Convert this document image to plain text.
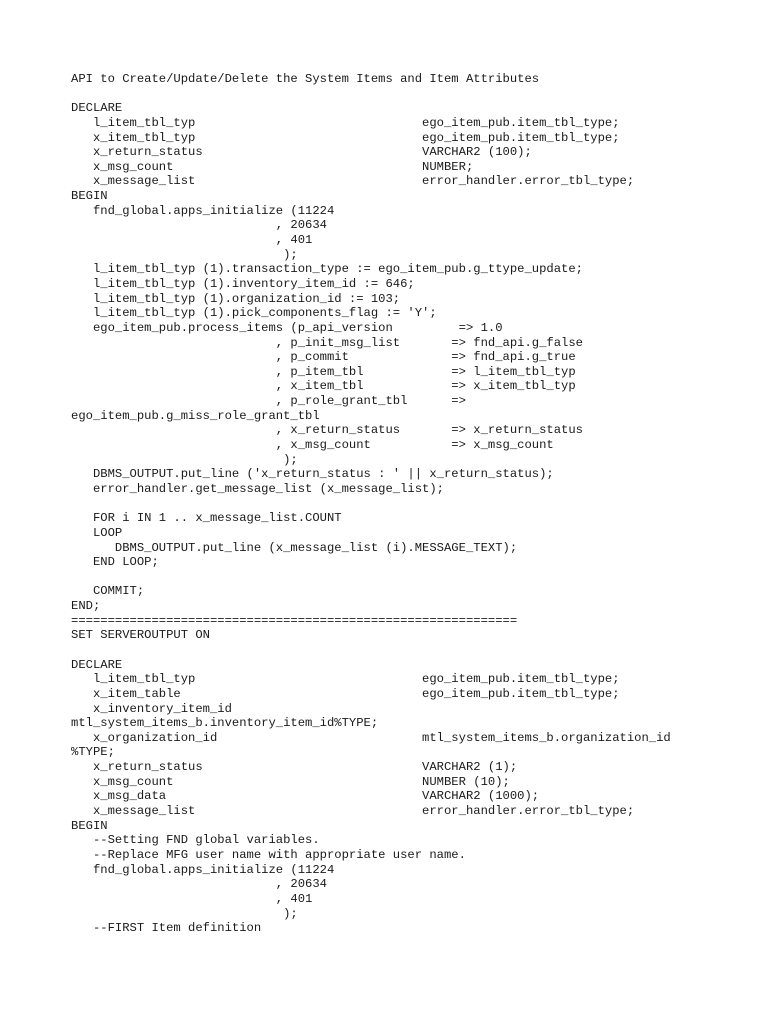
API to Create/Update/Delete the System Items and Item Attributes
DECLARE
l_item_tbl_typ                               ego_item_pub.item_tbl_type;
x_item_tbl_typ                               ego_item_pub.item_tbl_type;
x_return_status                              VARCHAR2 (100);
x_msg_count                                  NUMBER;
x_message_list                               error_handler.error_tbl_type;
BEGIN
fnd_global.apps_initialize (11224
, 20634
, 401
);
l_item_tbl_typ (1).transaction_type := ego_item_pub.g_ttype_update;
l_item_tbl_typ (1).inventory_item_id := 646;
l_item_tbl_typ (1).organization_id := 103;
l_item_tbl_typ (1).pick_components_flag := 'Y';
ego_item_pub.process_items (p_api_version         => 1.0
, p_init_msg_list       => fnd_api.g_false
, p_commit              => fnd_api.g_true
, p_item_tbl            => l_item_tbl_typ
, x_item_tbl            => x_item_tbl_typ
, p_role_grant_tbl      =>
ego_item_pub.g_miss_role_grant_tbl
, x_return_status       => x_return_status
, x_msg_count           => x_msg_count
);
DBMS_OUTPUT.put_line ('x_return_status : ' || x_return_status);
error_handler.get_message_list (x_message_list);
FOR i IN 1 .. x_message_list.COUNT
LOOP
DBMS_OUTPUT.put_line (x_message_list (i).MESSAGE_TEXT);
END LOOP;
COMMIT;
END;
=============================================================
SET SERVEROUTPUT ON
DECLARE
l_item_tbl_typ                               ego_item_pub.item_tbl_type;
x_item_table                                 ego_item_pub.item_tbl_type;
x_inventory_item_id
mtl_system_items_b.inventory_item_id%TYPE;
x_organization_id                            mtl_system_items_b.organization_id
%TYPE;
x_return_status                              VARCHAR2 (1);
x_msg_count                                  NUMBER (10);
x_msg_data                                   VARCHAR2 (1000);
x_message_list                               error_handler.error_tbl_type;
BEGIN
--Setting FND global variables.
--Replace MFG user name with appropriate user name.
fnd_global.apps_initialize (11224
, 20634
, 401
);
--FIRST Item definition
